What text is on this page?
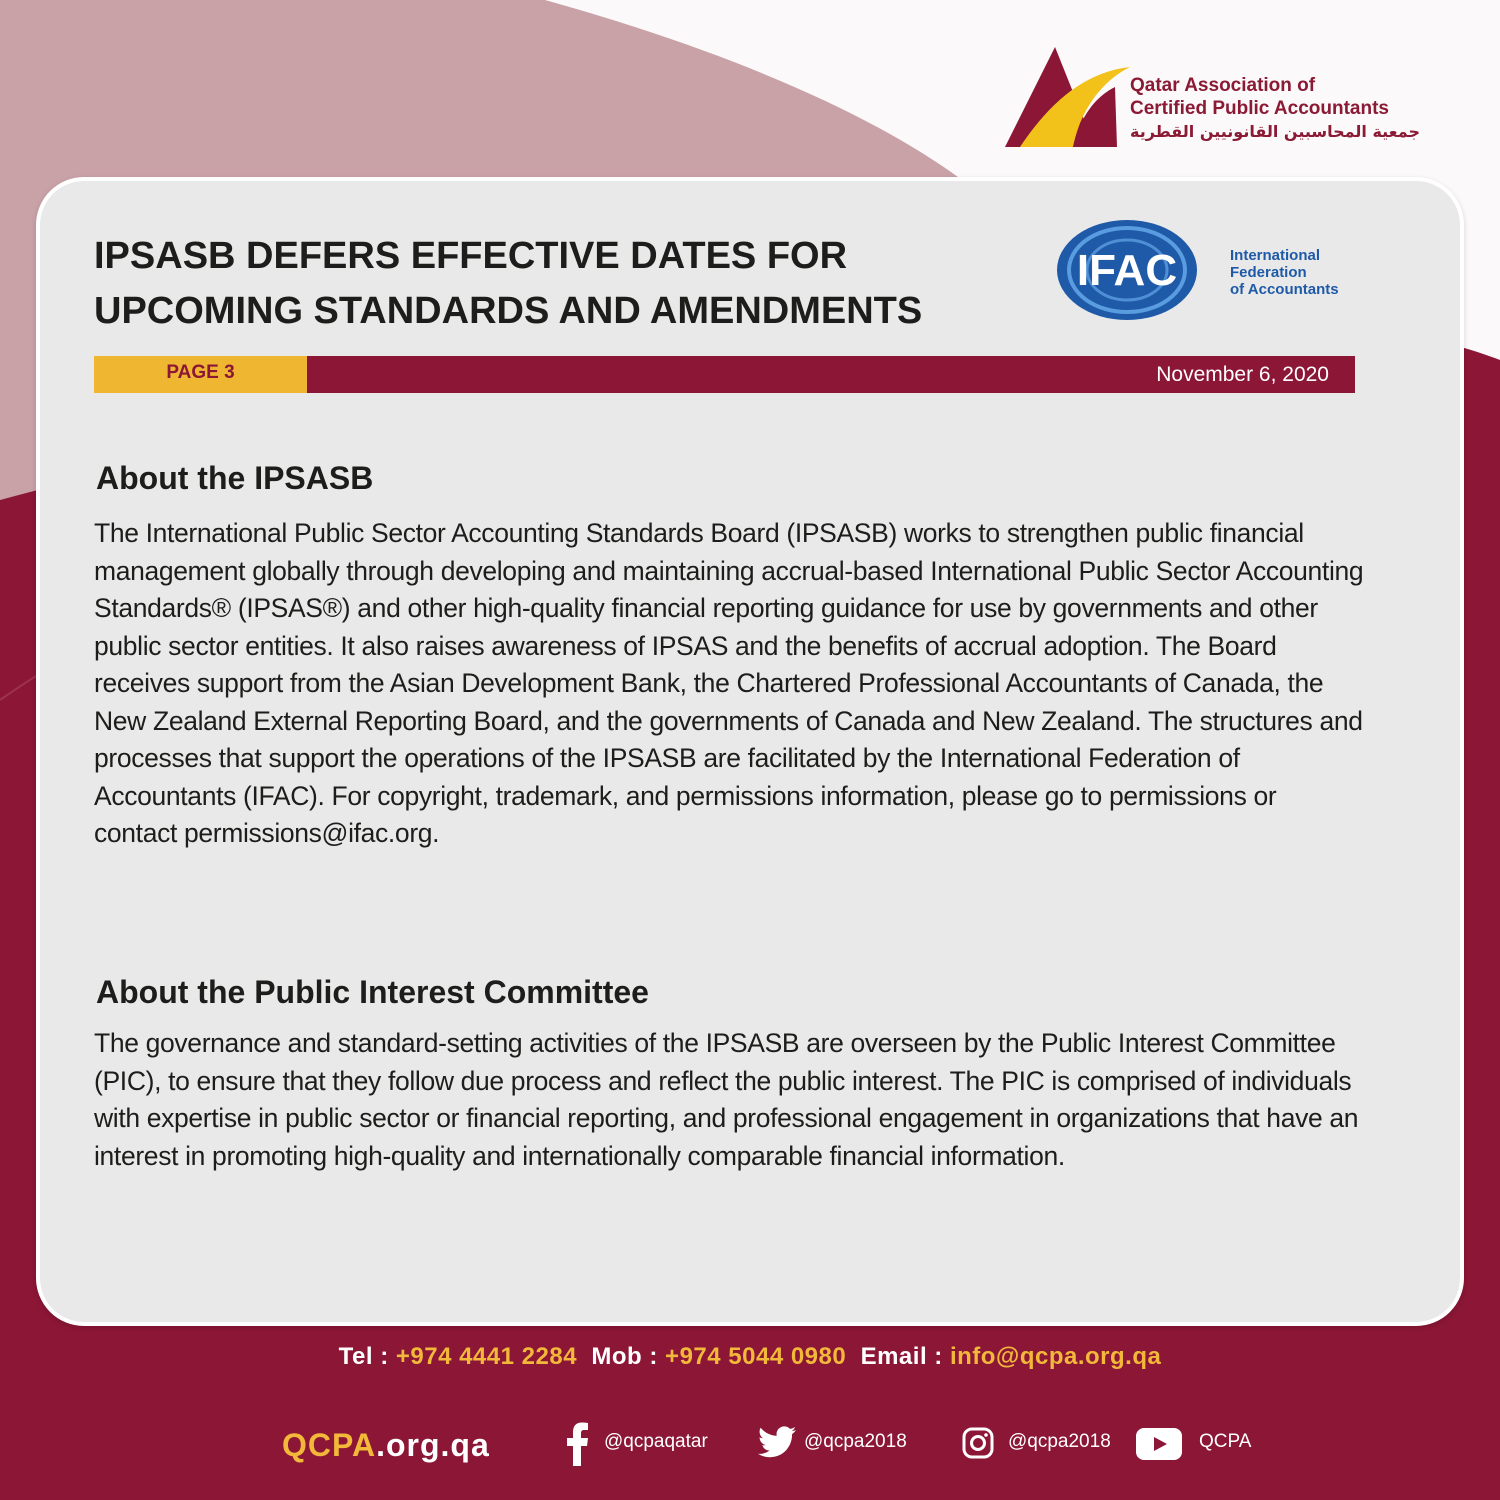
Qatar Association of
Certified Public Accountants
جمعية المحاسبين القانونيين القطرية
IPSASB DEFERS EFFECTIVE DATES FOR UPCOMING STANDARDS AND AMENDMENTS
IFAC	International
Federation
of Accountants
PAGE 3	November 6, 2020
About the IPSASB

The International Public Sector Accounting Standards Board (IPSASB) works to strengthen public financial management globally through developing and maintaining accrual-based International Public Sector Accounting Standards® (IPSAS®) and other high-quality financial reporting guidance for use by governments and other public sector entities. It also raises awareness of IPSAS and the benefits of accrual adoption. The Board receives support from the Asian Development Bank, the Chartered Professional Accountants of Canada, the New Zealand External Reporting Board, and the governments of Canada and New Zealand. The structures and processes that support the operations of the IPSASB are facilitated by the International Federation of Accountants (IFAC). For copyright, trademark, and permissions information, please go to permissions or contact permissions@ifac.org.

About the Public Interest Committee

The governance and standard-setting activities of the IPSASB are overseen by the Public Interest Committee (PIC), to ensure that they follow due process and reflect the public interest. The PIC is comprised of individuals with expertise in public sector or financial reporting, and professional engagement in organizations that have an interest in promoting high-quality and internationally comparable financial information.

Tel : +974 4441 2284 Mob : +974 5044 0980 Email : info@qcpa.org.qa
QCPA.org.qa	@qcpaqatar	@qcpa2018	@qcpa2018	QCPA
